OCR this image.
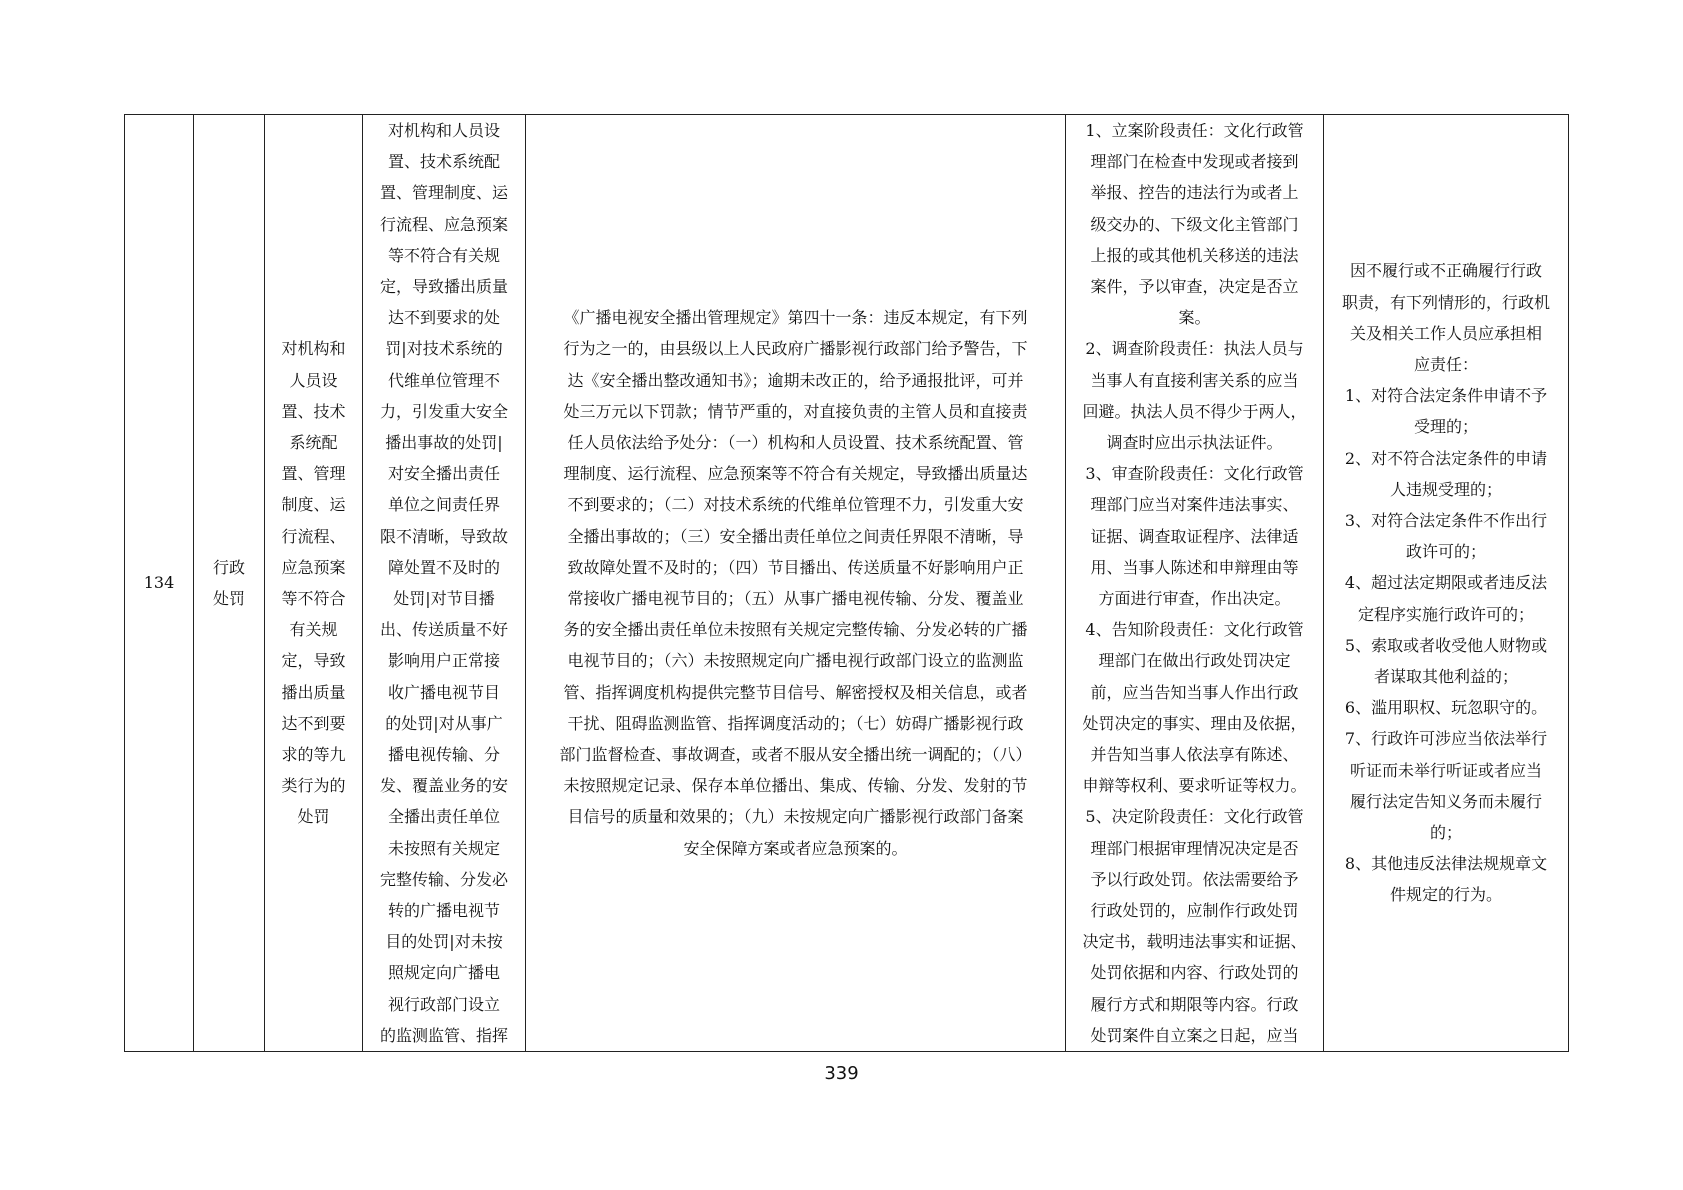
134

行政
处罚

对机构和
人员设
置、技术
系统配
置、管理
制度、运
行流程、
应急预案
等不符合
有关规
定，导致
播出质量
达不到要
求的等九
类行为的
处罚

对机构和人员设
置、技术系统配
置、管理制度、运
行流程、应急预案
等不符合有关规
定，导致播出质量
达不到要求的处
罚|对技术系统的
代维单位管理不
力，引发重大安全
播出事故的处罚|
对安全播出责任
单位之间责任界
限不清晰，导致故
障处置不及时的
处罚|对节目播
出、传送质量不好
影响用户正常接
收广播电视节目
的处罚|对从事广
播电视传输、分
发、覆盖业务的安
全播出责任单位
未按照有关规定
完整传输、分发必
转的广播电视节
目的处罚|对未按
照规定向广播电
视行政部门设立
的监测监管、指挥

《广播电视安全播出管理规定》第四十一条：违反本规定，有下列
行为之一的，由县级以上人民政府广播影视行政部门给予警告，下
达《安全播出整改通知书》；逾期未改正的，给予通报批评，可并
处三万元以下罚款；情节严重的，对直接负责的主管人员和直接责
任人员依法给予处分：（一）机构和人员设置、技术系统配置、管
理制度、运行流程、应急预案等不符合有关规定，导致播出质量达
不到要求的；（二）对技术系统的代维单位管理不力，引发重大安
全播出事故的；（三）安全播出责任单位之间责任界限不清晰，导
致故障处置不及时的；（四）节目播出、传送质量不好影响用户正
常接收广播电视节目的；（五）从事广播电视传输、分发、覆盖业
务的安全播出责任单位未按照有关规定完整传输、分发必转的广播
电视节目的；（六）未按照规定向广播电视行政部门设立的监测监
管、指挥调度机构提供完整节目信号、解密授权及相关信息，或者
干扰、阻碍监测监管、指挥调度活动的；（七）妨碍广播影视行政
部门监督检查、事故调查，或者不服从安全播出统一调配的；（八）
未按照规定记录、保存本单位播出、集成、传输、分发、发射的节
目信号的质量和效果的；（九）未按规定向广播影视行政部门备案
安全保障方案或者应急预案的。

1、立案阶段责任：文化行政管
理部门在检查中发现或者接到
举报、控告的违法行为或者上
级交办的、下级文化主管部门
上报的或其他机关移送的违法
案件，予以审查，决定是否立
案。
2、调查阶段责任：执法人员与
当事人有直接利害关系的应当
回避。执法人员不得少于两人，
调查时应出示执法证件。
3、审查阶段责任：文化行政管
理部门应当对案件违法事实、
证据、调查取证程序、法律适
用、当事人陈述和申辩理由等
方面进行审查，作出决定。
4、告知阶段责任：文化行政管
理部门在做出行政处罚决定
前，应当告知当事人作出行政
处罚决定的事实、理由及依据，
并告知当事人依法享有陈述、
申辩等权利、要求听证等权力。
5、决定阶段责任：文化行政管
理部门根据审理情况决定是否
予以行政处罚。依法需要给予
行政处罚的，应制作行政处罚
决定书，载明违法事实和证据、
处罚依据和内容、行政处罚的
履行方式和期限等内容。行政
处罚案件自立案之日起，应当

因不履行或不正确履行行政
职责，有下列情形的，行政机
关及相关工作人员应承担相
应责任：
1、对符合法定条件申请不予
受理的；
2、对不符合法定条件的申请
人违规受理的；
3、对符合法定条件不作出行
政许可的；
4、超过法定期限或者违反法
定程序实施行政许可的；
5、索取或者收受他人财物或
者谋取其他利益的；
6、滥用职权、玩忽职守的。
7、行政许可涉应当依法举行
听证而未举行听证或者应当
履行法定告知义务而未履行
的；
8、其他违反法律法规规章文
件规定的行为。
339
